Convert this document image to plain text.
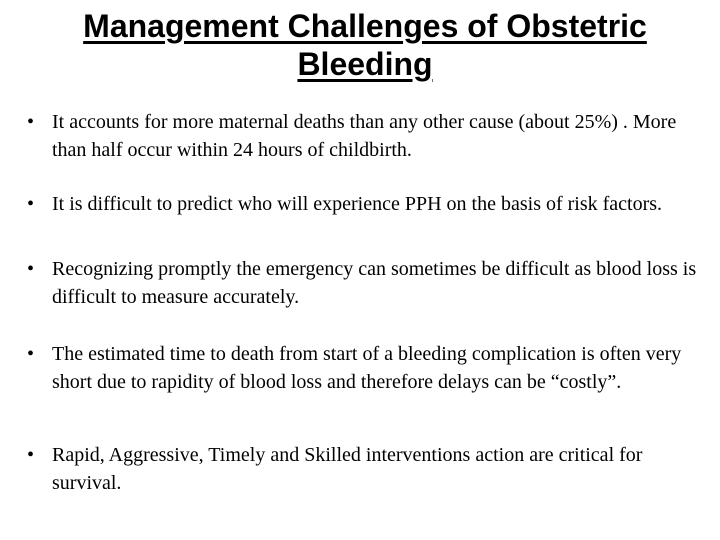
Management Challenges of Obstetric Bleeding
• It accounts for more maternal deaths than any other cause (about 25%) . More than half occur within 24 hours of childbirth.
• It is difficult to predict who will experience PPH on the basis of risk factors.
• Recognizing promptly the emergency can sometimes be difficult as blood loss is difficult to measure accurately.
• The estimated time to death from start of a bleeding complication is often very short due to rapidity of blood loss and therefore delays can be “costly”.
• Rapid, Aggressive, Timely and Skilled interventions action are critical for survival.
